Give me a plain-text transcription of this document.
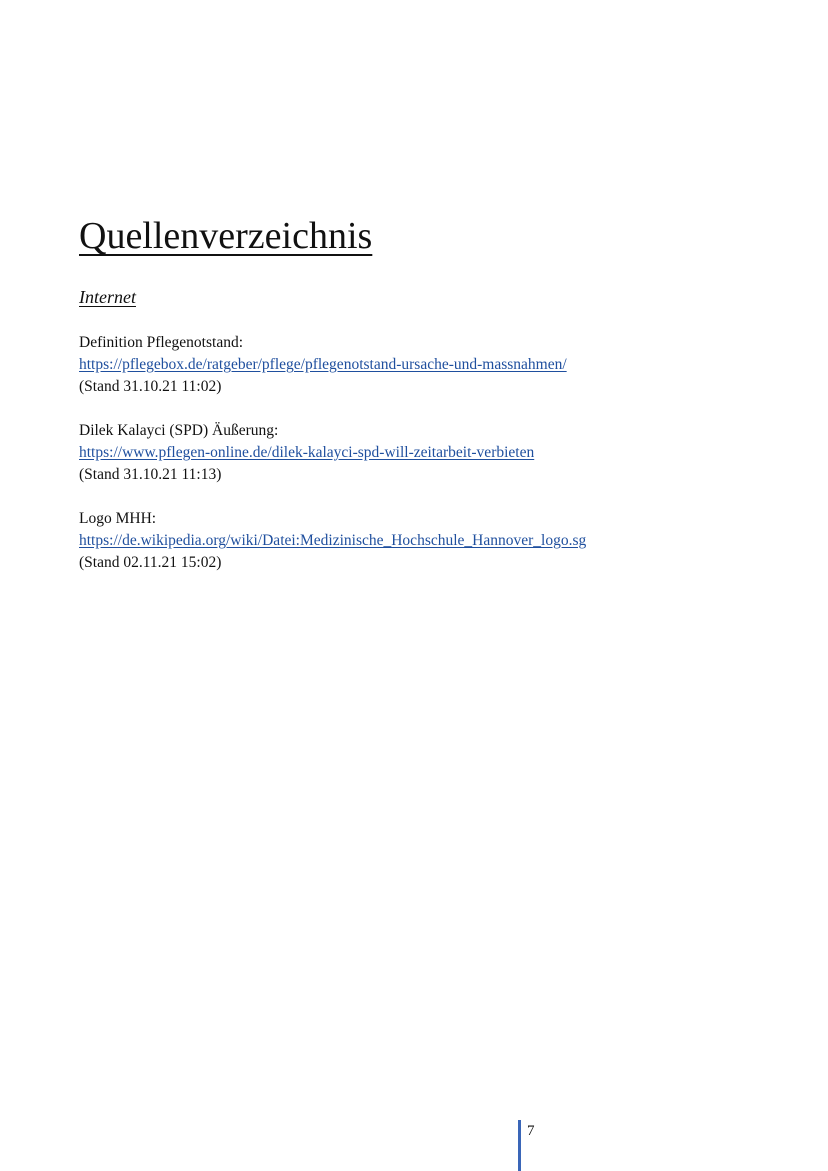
Quellenverzeichnis
Internet
Definition Pflegenotstand:
https://pflegebox.de/ratgeber/pflege/pflegenotstand-ursache-und-massnahmen/
(Stand 31.10.21 11:02)
Dilek Kalayci (SPD) Äußerung:
https://www.pflegen-online.de/dilek-kalayci-spd-will-zeitarbeit-verbieten
(Stand 31.10.21 11:13)
Logo MHH:
https://de.wikipedia.org/wiki/Datei:Medizinische_Hochschule_Hannover_logo.sg
(Stand 02.11.21 15:02)
7
